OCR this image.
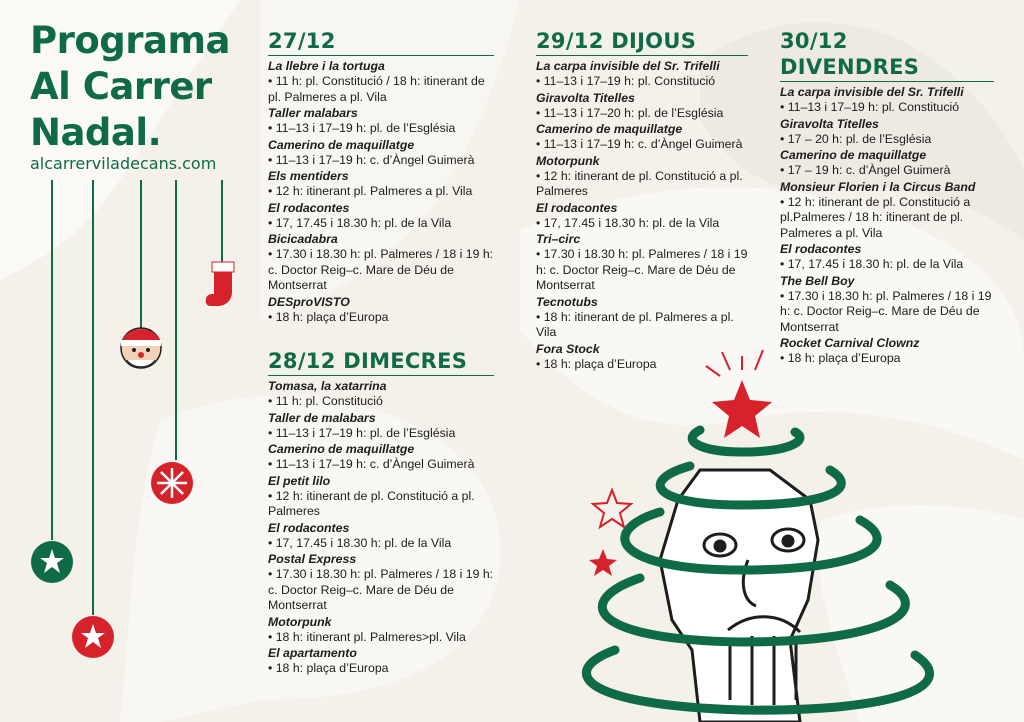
Programa
Al Carrer
Nadal.
alcarrerviladecans.com
27/12
La llebre i la tortuga
• 11 h: pl. Constitució / 18 h: itinerant de pl. Palmeres a pl. Vila
Taller malabars
• 11–13 i 17–19 h: pl. de l’Església
Camerino de maquillatge
• 11–13 i 17–19 h: c. d’Àngel Guimerà
Els mentiders
• 12 h: itinerant pl. Palmeres a pl. Vila
El rodacontes
• 17, 17.45 i 18.30 h: pl. de la Vila
Bicicadabra
• 17.30 i 18.30 h: pl. Palmeres / 18 i 19 h: c. Doctor Reig–c. Mare de Déu de Montserrat
DESproVISTO
• 18 h: plaça d’Europa
28/12 DIMECRES
Tomasa, la xatarrina
• 11 h: pl. Constitució
Taller de malabars
• 11–13 i 17–19 h: pl. de l’Església
Camerino de maquillatge
• 11–13 i 17–19 h: c. d’Àngel Guimerà
El petit lilo
• 12 h: itinerant de pl. Constitució a pl. Palmeres
El rodacontes
• 17, 17.45 i 18.30 h: pl. de la Vila
Postal Express
• 17.30 i 18.30 h: pl. Palmeres / 18 i 19 h: c. Doctor Reig–c. Mare de Déu de Montserrat
Motorpunk
• 18 h: itinerant pl. Palmeres>pl. Vila
El apartamento
• 18 h: plaça d’Europa
29/12 DIJOUS
La carpa invisible del Sr. Trifelli
• 11–13 i 17–19 h: pl. Constitució
Giravolta Titelles
• 11–13 i 17–20 h: pl. de l’Església
Camerino de maquillatge
• 11–13 i 17–19 h: c. d’Àngel Guimerà
Motorpunk
• 12 h: itinerant de pl. Constitució a pl. Palmeres
El rodacontes
• 17, 17.45 i 18.30 h: pl. de la Vila
Tri–circ
• 17.30 i 18.30 h: pl. Palmeres / 18 i 19 h: c. Doctor Reig–c. Mare de Déu de Montserrat
Tecnotubs
• 18 h: itinerant de pl. Palmeres a pl. Vila
Fora Stock
• 18 h: plaça d’Europa
30/12 DIVENDRES
La carpa invisible del Sr. Trifelli
• 11–13 i 17–19 h: pl. Constitució
Giravolta Titelles
• 17 – 20 h: pl. de l’Església
Camerino de maquillatge
• 17 – 19 h: c. d’Àngel Guimerà
Monsieur Florien i la Circus Band
• 12 h: itinerant de pl. Constitució a pl.Palmeres / 18 h: itinerant de pl. Palmeres a pl. Vila
El rodacontes
• 17, 17.45 i 18.30 h: pl. de la Vila
The Bell Boy
• 17.30 i 18.30 h: pl. Palmeres / 18 i 19 h: c. Doctor Reig–c. Mare de Déu de Montserrat
Rocket Carnival Clownz
• 18 h: plaça d’Europa
